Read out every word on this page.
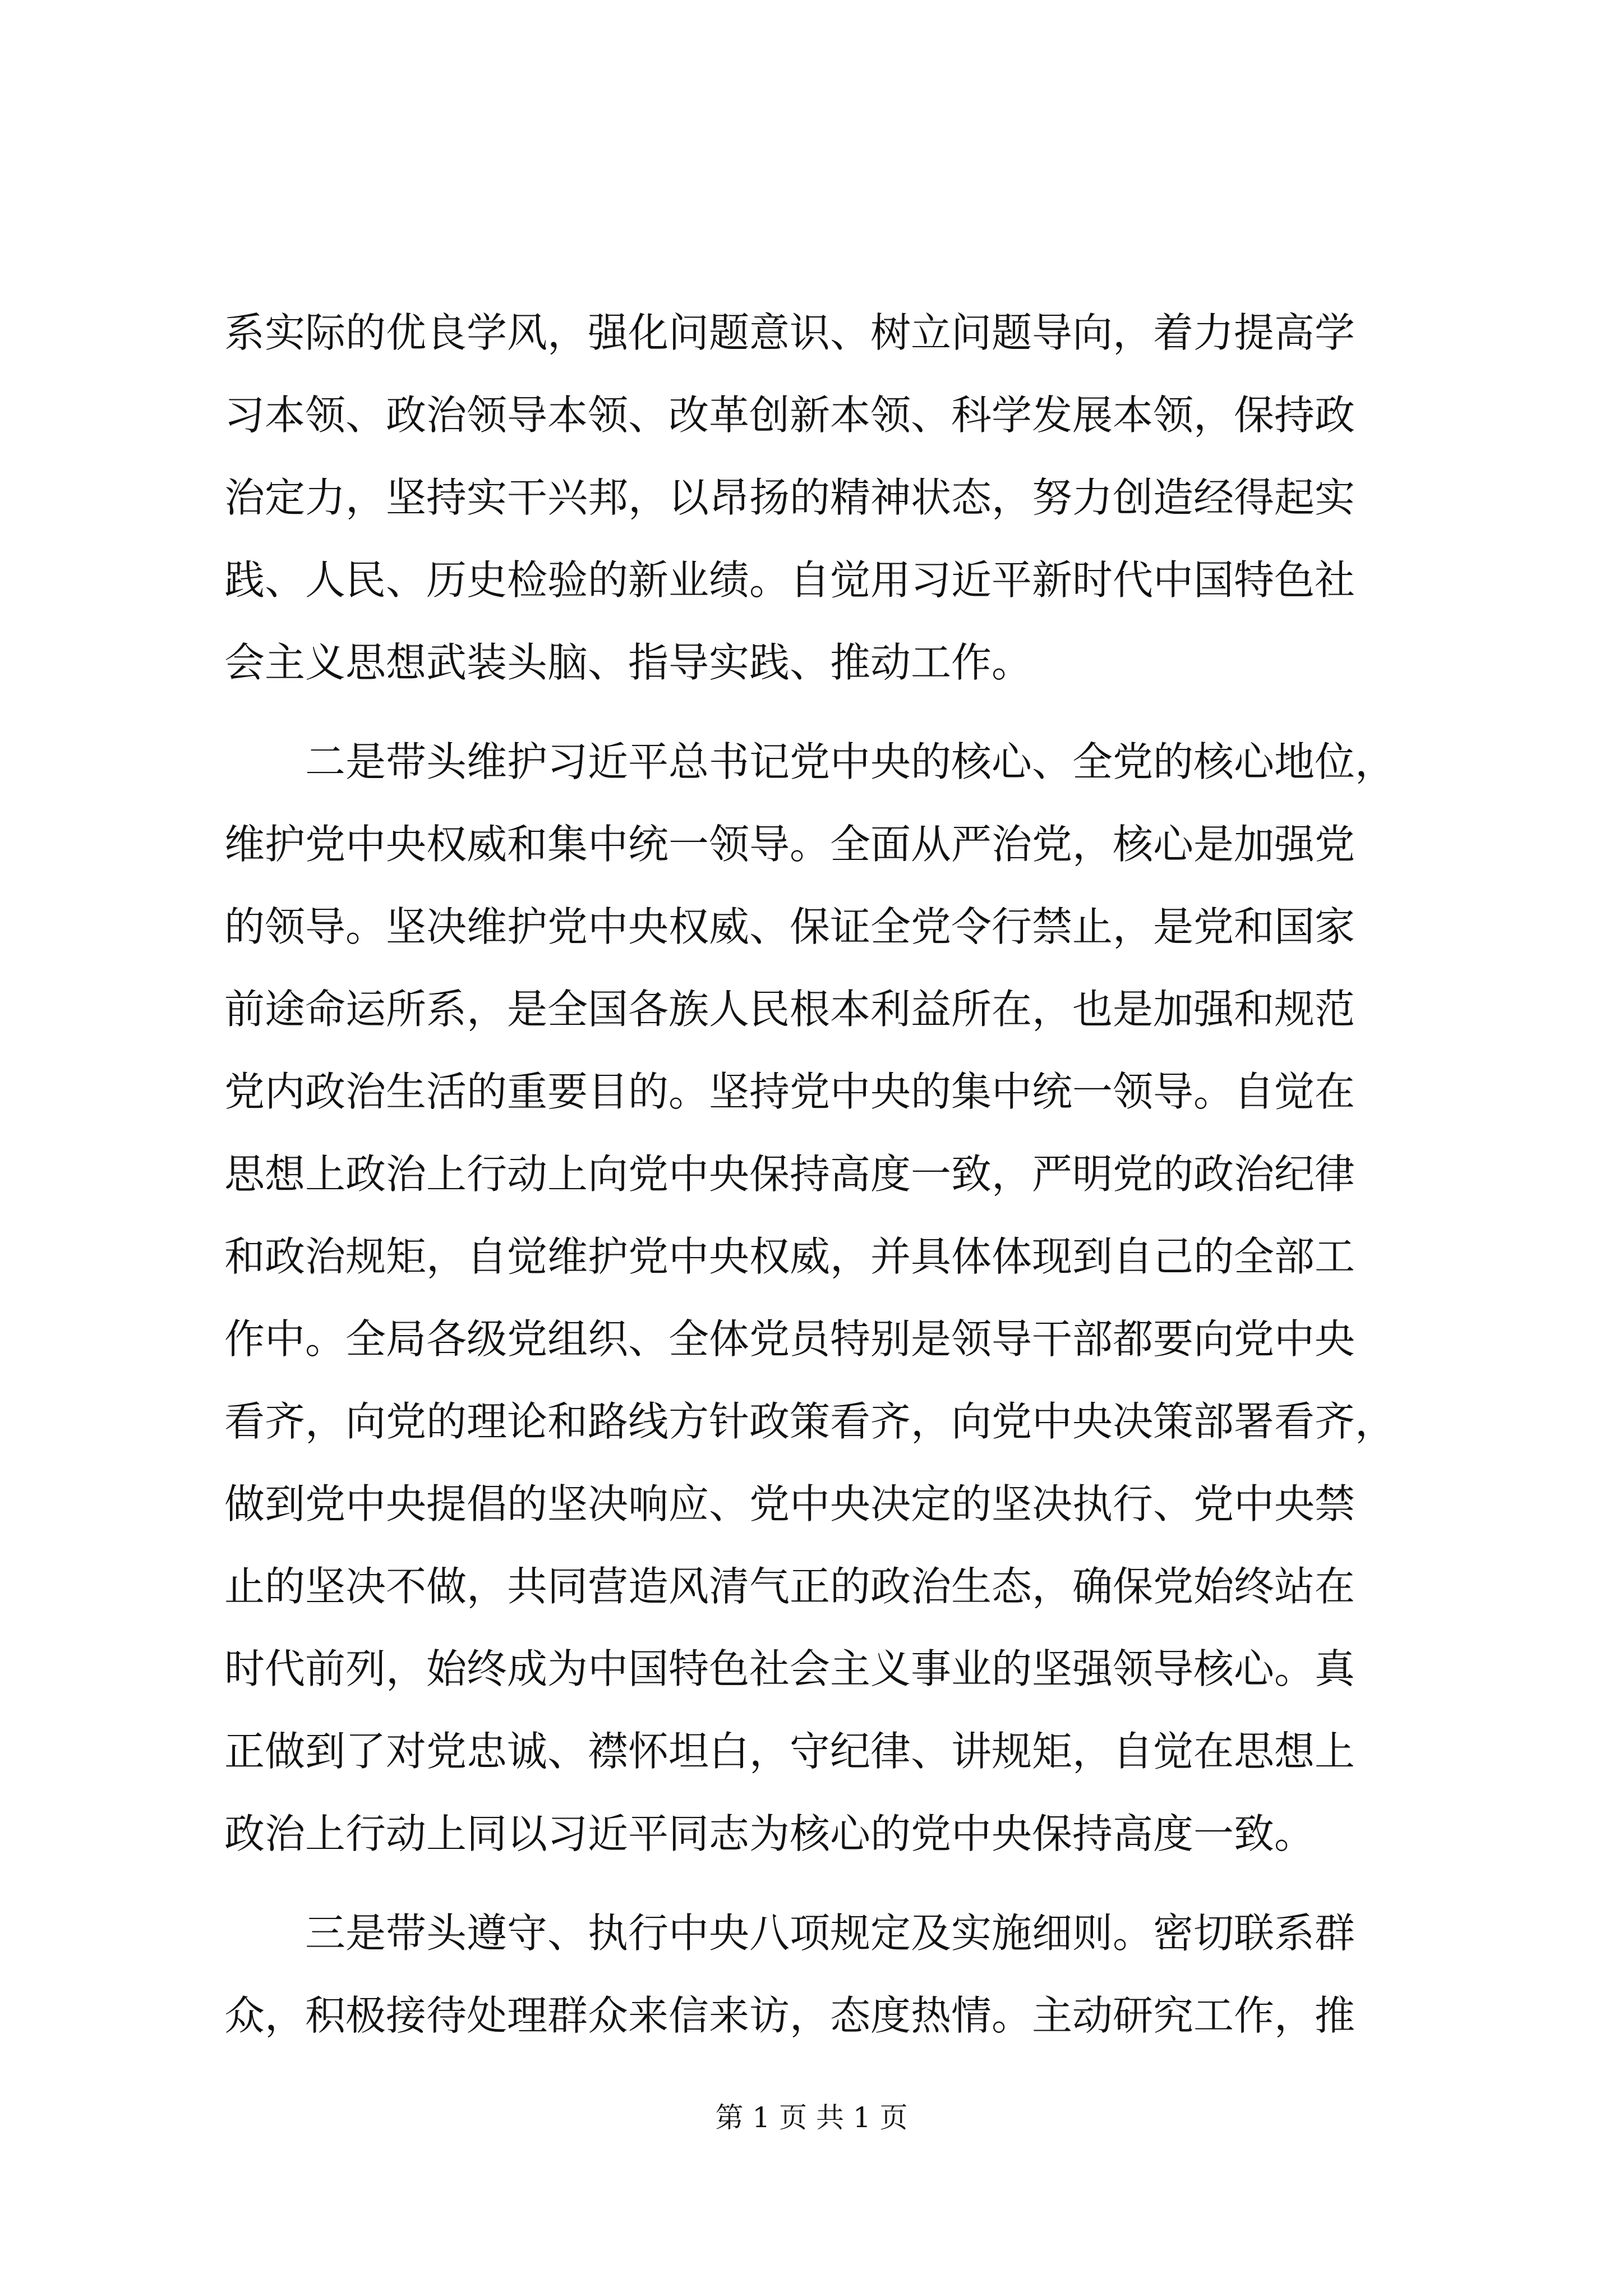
系实际的优良学风，强化问题意识、树立问题导向，着力提高学
习本领、政治领导本领、改革创新本领、科学发展本领，保持政
治定力，坚持实干兴邦，以昂扬的精神状态，努力创造经得起实
践、人民、历史检验的新业绩。自觉用习近平新时代中国特色社
会主义思想武装头脑、指导实践、推动工作。
二是带头维护习近平总书记党中央的核心、全党的核心地位，
维护党中央权威和集中统一领导。全面从严治党，核心是加强党
的领导。坚决维护党中央权威、保证全党令行禁止，是党和国家
前途命运所系，是全国各族人民根本利益所在，也是加强和规范
党内政治生活的重要目的。坚持党中央的集中统一领导。自觉在
思想上政治上行动上向党中央保持高度一致，严明党的政治纪律
和政治规矩，自觉维护党中央权威，并具体体现到自己的全部工
作中。全局各级党组织、全体党员特别是领导干部都要向党中央
看齐，向党的理论和路线方针政策看齐，向党中央决策部署看齐，
做到党中央提倡的坚决响应、党中央决定的坚决执行、党中央禁
止的坚决不做，共同营造风清气正的政治生态，确保党始终站在
时代前列，始终成为中国特色社会主义事业的坚强领导核心。真
正做到了对党忠诚、襟怀坦白，守纪律、讲规矩，自觉在思想上
政治上行动上同以习近平同志为核心的党中央保持高度一致。
三是带头遵守、执行中央八项规定及实施细则。密切联系群
众，积极接待处理群众来信来访，态度热情。主动研究工作，推
第 1 页 共 1 页
